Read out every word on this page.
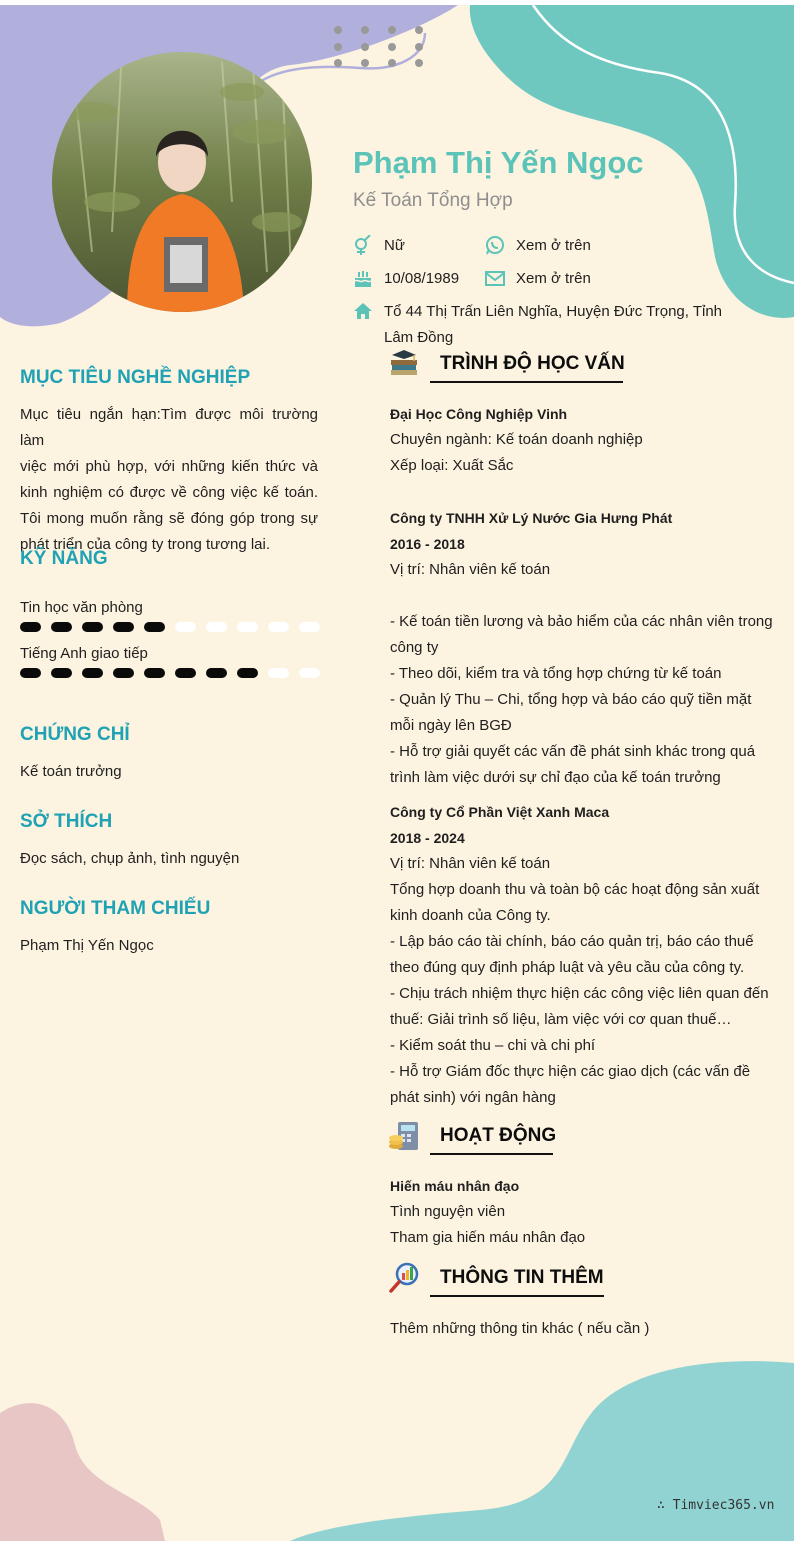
Phạm Thị Yến Ngọc
Kế Toán Tổng Hợp
Nữ	Xem ở trên
10/08/1989	Xem ở trên
Tổ 44 Thị Trấn Liên Nghĩa, Huyện Đức Trọng, Tỉnh
Lâm Đồng
MỤC TIÊU NGHỀ NGHIỆP
Mục tiêu ngắn hạn:Tìm được môi trường làm
việc mới phù hợp, với những kiến thức và
kinh nghiệm có được về công việc kế toán.
Tôi mong muốn rằng sẽ đóng góp trong sự
phát triển của công ty trong tương lai.
KỸ NĂNG
Tin học văn phòng
Tiếng Anh giao tiếp
CHỨNG CHỈ
Kế toán trưởng
SỞ THÍCH
Đọc sách, chụp ảnh, tình nguyện
NGƯỜI THAM CHIẾU
Phạm Thị Yến Ngọc
TRÌNH ĐỘ HỌC VẤN

Đại Học Công Nghiệp Vinh

Chuyên ngành: Kế toán doanh nghiệp

Xếp loại: Xuất Sắc

Công ty TNHH Xử Lý Nước Gia Hưng Phát

2016 - 2018

Vị trí: Nhân viên kế toán

- Kế toán tiền lương và bảo hiểm của các nhân viên trong

công ty

- Theo dõi, kiểm tra và tổng hợp chứng từ kế toán

- Quản lý Thu – Chi, tổng hợp và báo cáo quỹ tiền mặt

mỗi ngày lên BGĐ

- Hỗ trợ giải quyết các vấn đề phát sinh khác trong quá

trình làm việc dưới sự chỉ đạo của kế toán trưởng

Công ty Cổ Phần Việt Xanh Maca

2018 - 2024

Vị trí: Nhân viên kế toán

Tổng hợp doanh thu và toàn bộ các hoạt động sản xuất

kinh doanh của Công ty.

- Lập báo cáo tài chính, báo cáo quản trị, báo cáo thuế

theo đúng quy định pháp luật và yêu cầu của công ty.

- Chịu trách nhiệm thực hiện các công việc liên quan đến

thuế: Giải trình số liệu, làm việc với cơ quan thuế…

- Kiểm soát thu – chi và chi phí

- Hỗ trợ Giám đốc thực hiện các giao dịch (các vấn đề

phát sinh) với ngân hàng

HOẠT ĐỘNG

Hiến máu nhân đạo

Tình nguyện viên

Tham gia hiến máu nhân đạo

THÔNG TIN THÊM

Thêm những thông tin khác ( nếu cần )

∴ Timviec365.vn
